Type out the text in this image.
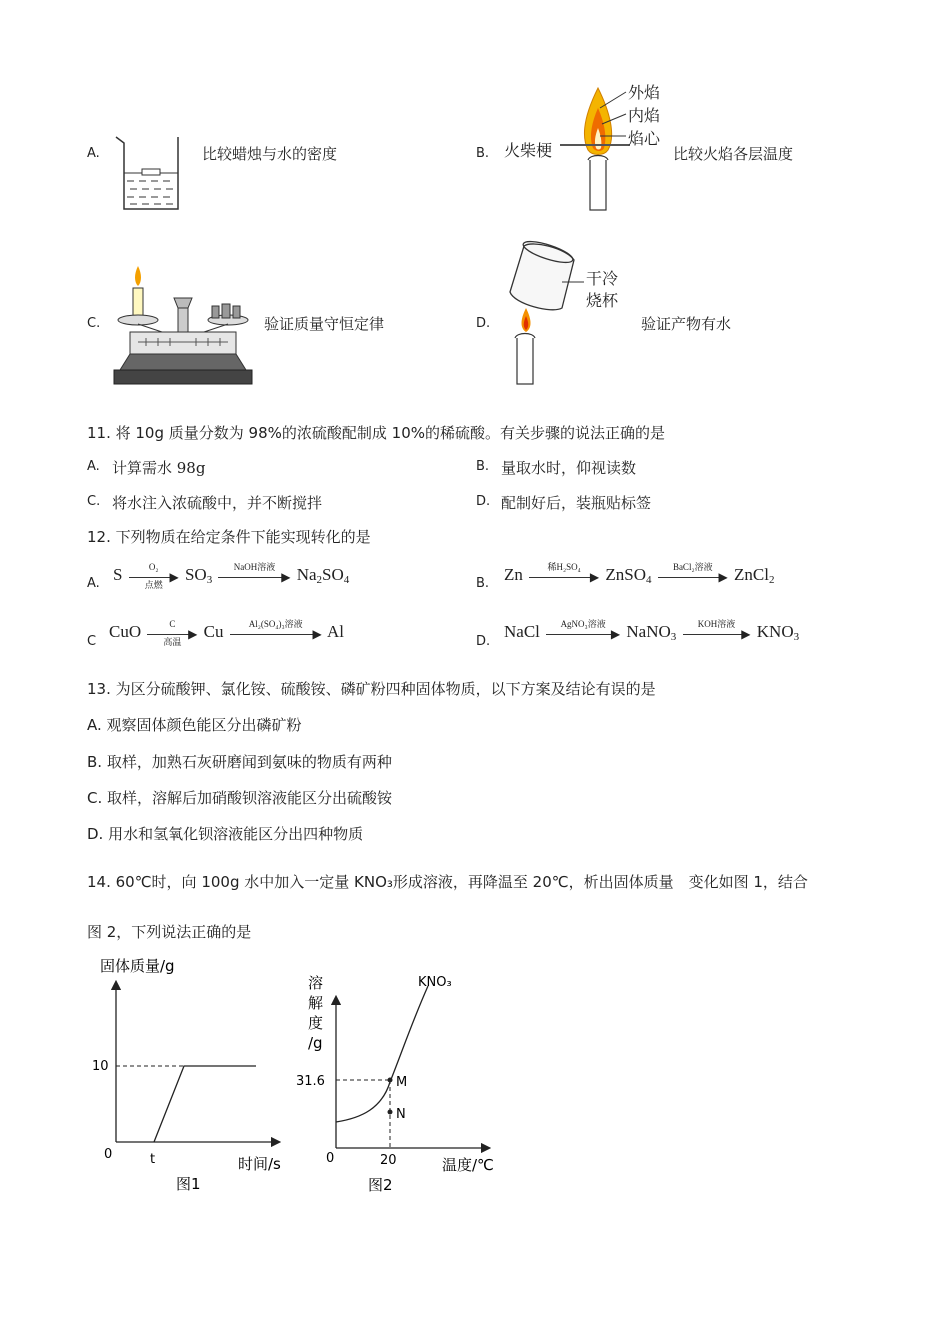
A.	比较蜡烛与水的密度	B. 火柴梗
外焰
内焰
焰心
比较火焰各层温度
C.	验证质量守恒定律	D.
干冷
烧杯
验证产物有水
11. 将 10g 质量分数为 98%的浓硫酸配制成 10%的稀硫酸。有关步骤的说法正确的是
A. 计算需水 98g	B. 量取水时，仰视读数
C. 将水注入浓硫酸中，并不断搅拌	D. 配制好后，装瓶贴标签
12. 下列物质在给定条件下能实现转化的是
A. S	O₂
▶
点燃
$SO_3$
NaOH溶液
▶ $Na_2SO_4$	B. Zn	稀H₂SO₄
▶ ZnSO$_4$
BaCl₂溶液
▶ ZnCl$_2$
C
CuO	C
▶
高温
Cu	Al₂(SO₄)₃溶液
▶ Al
D.
NaCl	AgNO₃溶液
▶ NaNO$_3$
KOH溶液
▶ $KNO_3$
13. 为区分硫酸钾、氯化铵、硫酸铵、磷矿粉四种固体物质，以下方案及结论有误的是
A. 观察固体颜色能区分出磷矿粉
B. 取样，加熟石灰研磨闻到氨味的物质有两种
C. 取样，溶解后加硝酸钡溶液能区分出硫酸铵
D. 用水和氢氧化钡溶液能区分出四种物质
14. 60℃时，向 100g 水中加入一定量 KNO₃形成溶液，再降温至 20℃，析出固体质量　变化如图 1，结合
图 2，下列说法正确的是
固体质量/g
10
0	t	时间/s
图1
溶
解
度
/g
31.6
0	20	温度/℃
图2
KNO₃
M
N
